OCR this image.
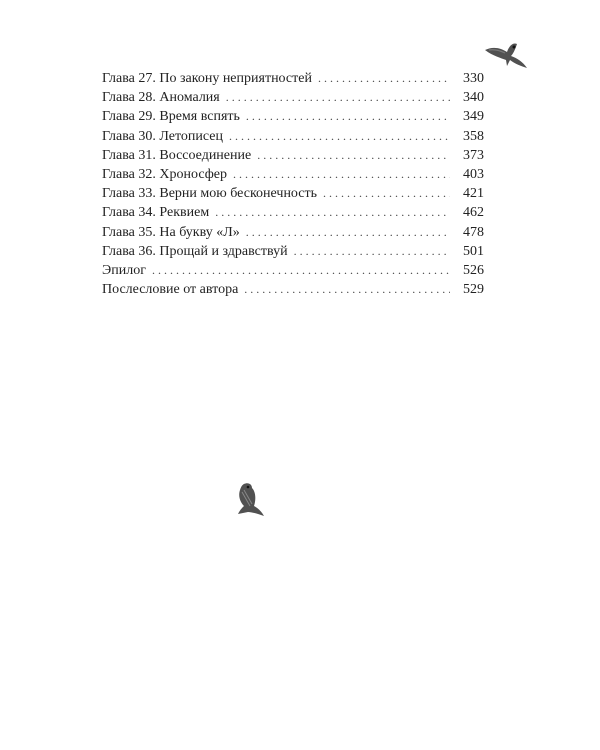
Глава 27. По закону неприятностей . . .	330
Глава 28. Аномалия . . .	340
Глава 29. Время вспять . . .	349
Глава 30. Летописец . . .	358
Глава 31. Воссоединение . . .	373
Глава 32. Хроносфер . . .	403
Глава 33. Верни мою бесконечность . . .	421
Глава 34. Реквием . . .	462
Глава 35. На букву «Л» . . .	478
Глава 36. Прощай и здравствуй . . .	501
Эпилог . . .	526
Послесловие от автора . . .	529
